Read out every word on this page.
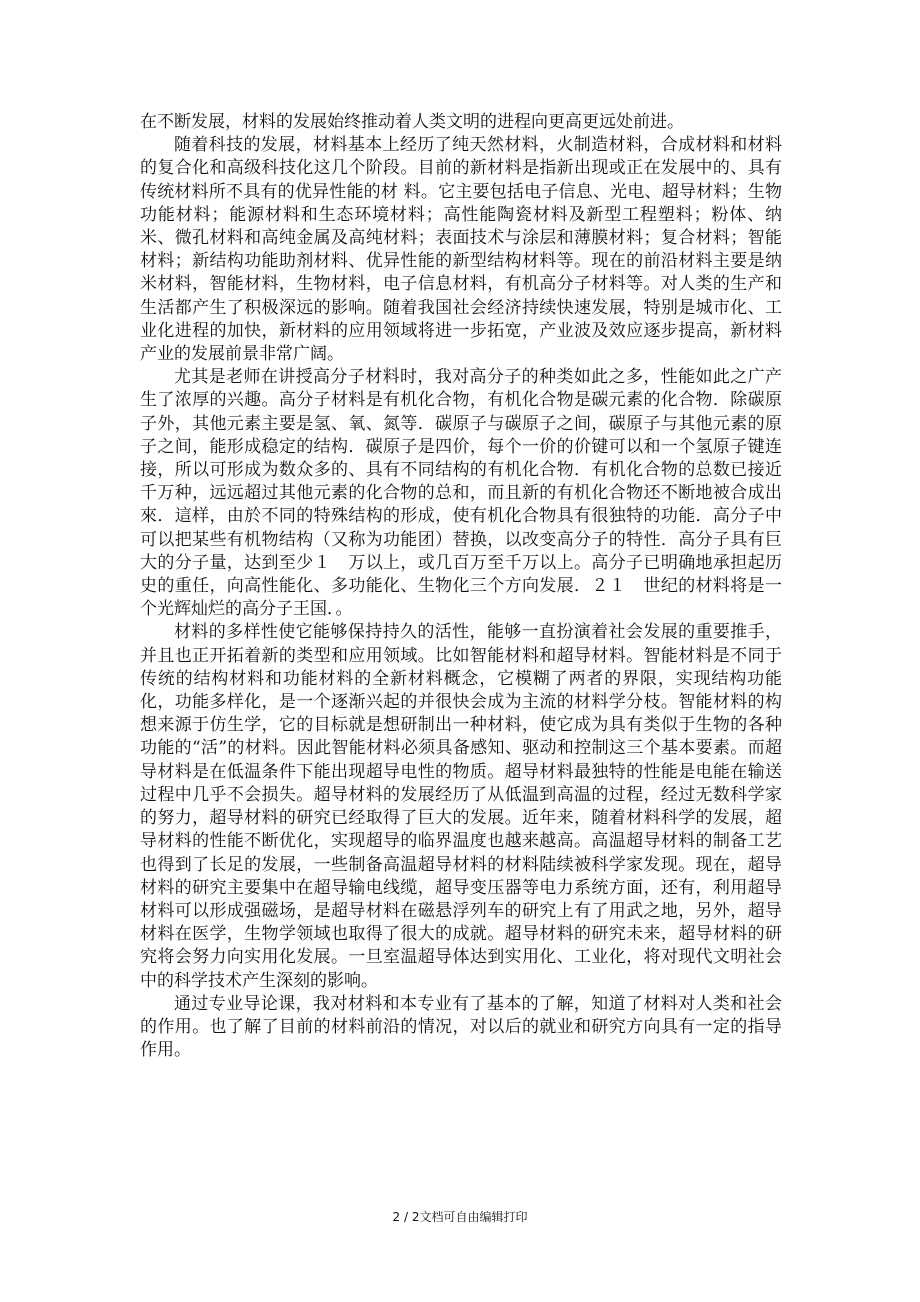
在不断发展，材料的发展始终推动着人类文明的进程向更高更远处前进。

随着科技的发展，材料基本上经历了纯天然材料，火制造材料，合成材料和材料的复合化和高级科技化这几个阶段。目前的新材料是指新出现或正在发展中的、具有传统材料所不具有的优异性能的材 料。它主要包括电子信息、光电、超导材料；生物功能材料；能源材料和生态环境材料；高性能陶瓷材料及新型工程塑料；粉体、纳米、微孔材料和高纯金属及高纯材料；表面技术与涂层和薄膜材料；复合材料；智能材料；新结构功能助剂材料、优异性能的新型结构材料等。现在的前沿材料主要是纳米材料，智能材料，生物材料，电子信息材料，有机高分子材料等。对人类的生产和生活都产生了积极深远的影响。随着我国社会经济持续快速发展，特别是城市化、工业化进程的加快，新材料的应用领域将进一步拓宽，产业波及效应逐步提高，新材料产业的发展前景非常广阔。

尤其是老师在讲授高分子材料时，我对高分子的种类如此之多，性能如此之广产生了浓厚的兴趣。高分子材料是有机化合物，有机化合物是碳元素的化合物．除碳原子外，其他元素主要是氢、氧、氮等．碳原子与碳原子之间，碳原子与其他元素的原子之间，能形成稳定的结构．碳原子是四价，每个一价的价键可以和一个氢原子键连接，所以可形成为数众多的、具有不同结构的有机化合物．有机化合物的总数已接近千万种，远远超过其他元素的化合物的总和，而且新的有机化合物还不断地被合成出來．這样，由於不同的特殊结构的形成，使有机化合物具有很独特的功能．高分子中可以把某些有机物结构（又称为功能团）替换，以改变高分子的特性．高分子具有巨大的分子量，达到至少１　万以上，或几百万至千万以上。高分子已明确地承担起历史的重任，向高性能化、多功能化、生物化三个方向发展．２１　世纪的材料将是一个光辉灿烂的高分子王国．。

材料的多样性使它能够保持持久的活性，能够一直扮演着社会发展的重要推手，并且也正开拓着新的类型和应用领域。比如智能材料和超导材料。智能材料是不同于传统的结构材料和功能材料的全新材料概念，它模糊了两者的界限，实现结构功能化，功能多样化，是一个逐渐兴起的并很快会成为主流的材料学分枝。智能材料的构想来源于仿生学，它的目标就是想研制出一种材料，使它成为具有类似于生物的各种功能的“活”的材料。因此智能材料必须具备感知、驱动和控制这三个基本要素。而超导材料是在低温条件下能出现超导电性的物质。超导材料最独特的性能是电能在输送过程中几乎不会损失。超导材料的发展经历了从低温到高温的过程，经过无数科学家的努力，超导材料的研究已经取得了巨大的发展。近年来，随着材料科学的发展，超导材料的性能不断优化，实现超导的临界温度也越来越高。高温超导材料的制备工艺也得到了长足的发展，一些制备高温超导材料的材料陆续被科学家发现。现在，超导材料的研究主要集中在超导输电线缆，超导变压器等电力系统方面，还有，利用超导材料可以形成强磁场，是超导材料在磁悬浮列车的研究上有了用武之地，另外，超导材料在医学，生物学领域也取得了很大的成就。超导材料的研究未来，超导材料的研究将会努力向实用化发展。一旦室温超导体达到实用化、工业化，将对现代文明社会中的科学技术产生深刻的影响。

通过专业导论课，我对材料和本专业有了基本的了解，知道了材料对人类和社会的作用。也了解了目前的材料前沿的情况，对以后的就业和研究方向具有一定的指导作用。

2 / 2文档可自由编辑打印
